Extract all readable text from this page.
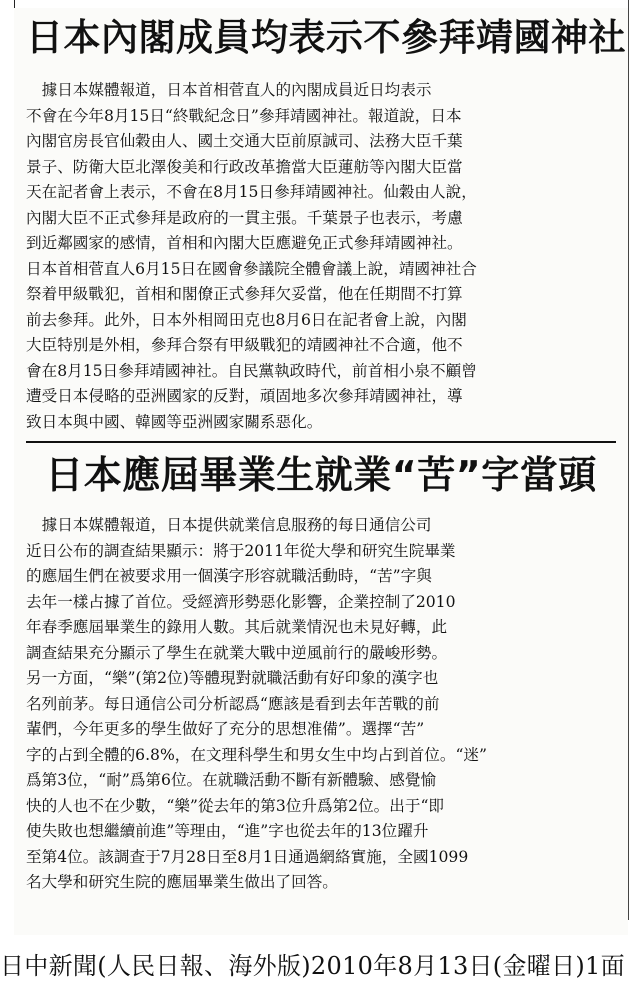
日本內閣成員均表示不參拜靖國神社
　據日本媒體報道，日本首相菅直人的內閣成員近日均表示
不會在今年8月15日“終戰紀念日”參拜靖國神社。報道說，日本
內閣官房長官仙穀由人、國土交通大臣前原誠司、法務大臣千葉
景子、防衛大臣北澤俊美和行政改革擔當大臣蓮舫等內閣大臣當
天在記者會上表示，不會在8月15日參拜靖國神社。仙穀由人說，
內閣大臣不正式參拜是政府的一貫主張。千葉景子也表示，考慮
到近鄰國家的感情，首相和內閣大臣應避免正式參拜靖國神社。
日本首相菅直人6月15日在國會參議院全體會議上說，靖國神社合
祭着甲級戰犯，首相和閣僚正式參拜欠妥當，他在任期間不打算
前去參拜。此外，日本外相岡田克也8月6日在記者會上說，內閣
大臣特別是外相，參拜合祭有甲級戰犯的靖國神社不合適，他不
會在8月15日參拜靖國神社。自民黨執政時代，前首相小泉不顧曾
遭受日本侵略的亞洲國家的反對，頑固地多次參拜靖國神社，導
致日本與中國、韓國等亞洲國家關系惡化。
日本應屆畢業生就業“苦”字當頭
　據日本媒體報道，日本提供就業信息服務的每日通信公司
近日公布的調查結果顯示：將于2011年從大學和研究生院畢業
的應屆生們在被要求用一個漢字形容就職活動時，“苦”字與
去年一樣占據了首位。受經濟形勢惡化影響，企業控制了2010
年春季應屆畢業生的錄用人數。其后就業情況也未見好轉，此
調查結果充分顯示了學生在就業大戰中逆風前行的嚴峻形勢。
另一方面，“樂”(第2位)等體現對就職活動有好印象的漢字也
名列前茅。每日通信公司分析認爲“應該是看到去年苦戰的前
輩們，今年更多的學生做好了充分的思想准備”。選擇“苦”
字的占到全體的6.8%，在文理科學生和男女生中均占到首位。“迷”
爲第3位，“耐”爲第6位。在就職活動不斷有新體驗、感覺愉
快的人也不在少數，“樂”從去年的第3位升爲第2位。出于“即
使失敗也想繼續前進”等理由，“進”字也從去年的13位躍升
至第4位。該調查于7月28日至8月1日通過網絡實施，全國1099
名大學和研究生院的應屆畢業生做出了回答。
日中新聞(人民日報、海外版)2010年8月13日(金曜日)1面
